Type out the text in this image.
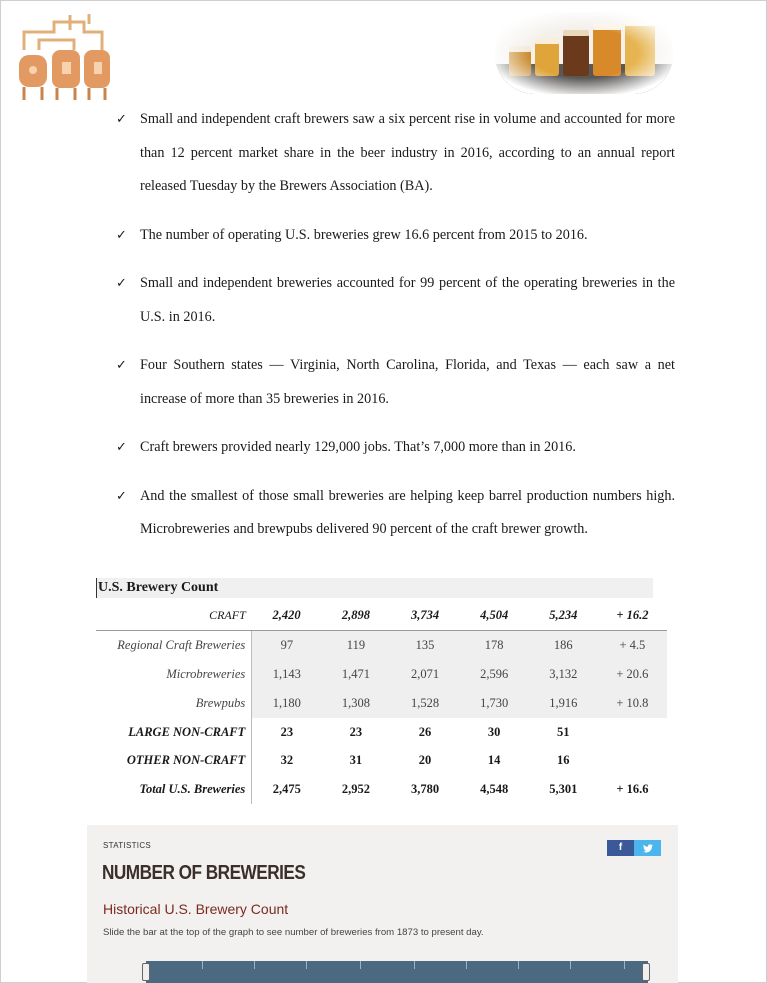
✓ Small and independent craft brewers saw a six percent rise in volume and accounted for more than 12 percent market share in the beer industry in 2016, according to an annual report released Tuesday by the Brewers Association (BA).
✓ The number of operating U.S. breweries grew 16.6 percent from 2015 to 2016.
✓ Small and independent breweries accounted for 99 percent of the operating breweries in the U.S. in 2016.
✓ Four Southern states — Virginia, North Carolina, Florida, and Texas — each saw a net increase of more than 35 breweries in 2016.
✓ Craft brewers provided nearly 129,000 jobs. That’s 7,000 more than in 2016.
✓ And the smallest of those small breweries are helping keep barrel production numbers high. Microbreweries and brewpubs delivered 90 percent of the craft brewer growth.
U.S. Brewery Count
CRAFT	2,420	2,898	3,734	4,504	5,234	+ 16.2
Regional Craft Breweries	97	119	135	178	186	+ 4.5
Microbreweries	1,143	1,471	2,071	2,596	3,132	+ 20.6
Brewpubs	1,180	1,308	1,528	1,730	1,916	+ 10.8
LARGE NON-CRAFT	23	23	26	30	51	
OTHER NON-CRAFT	32	31	20	14	16	
Total U.S. Breweries	2,475	2,952	3,780	4,548	5,301	+ 16.6
STATISTICS	f
NUMBER OF BREWERIES
Historical U.S. Brewery Count
Slide the bar at the top of the graph to see number of breweries from 1873 to present day.
